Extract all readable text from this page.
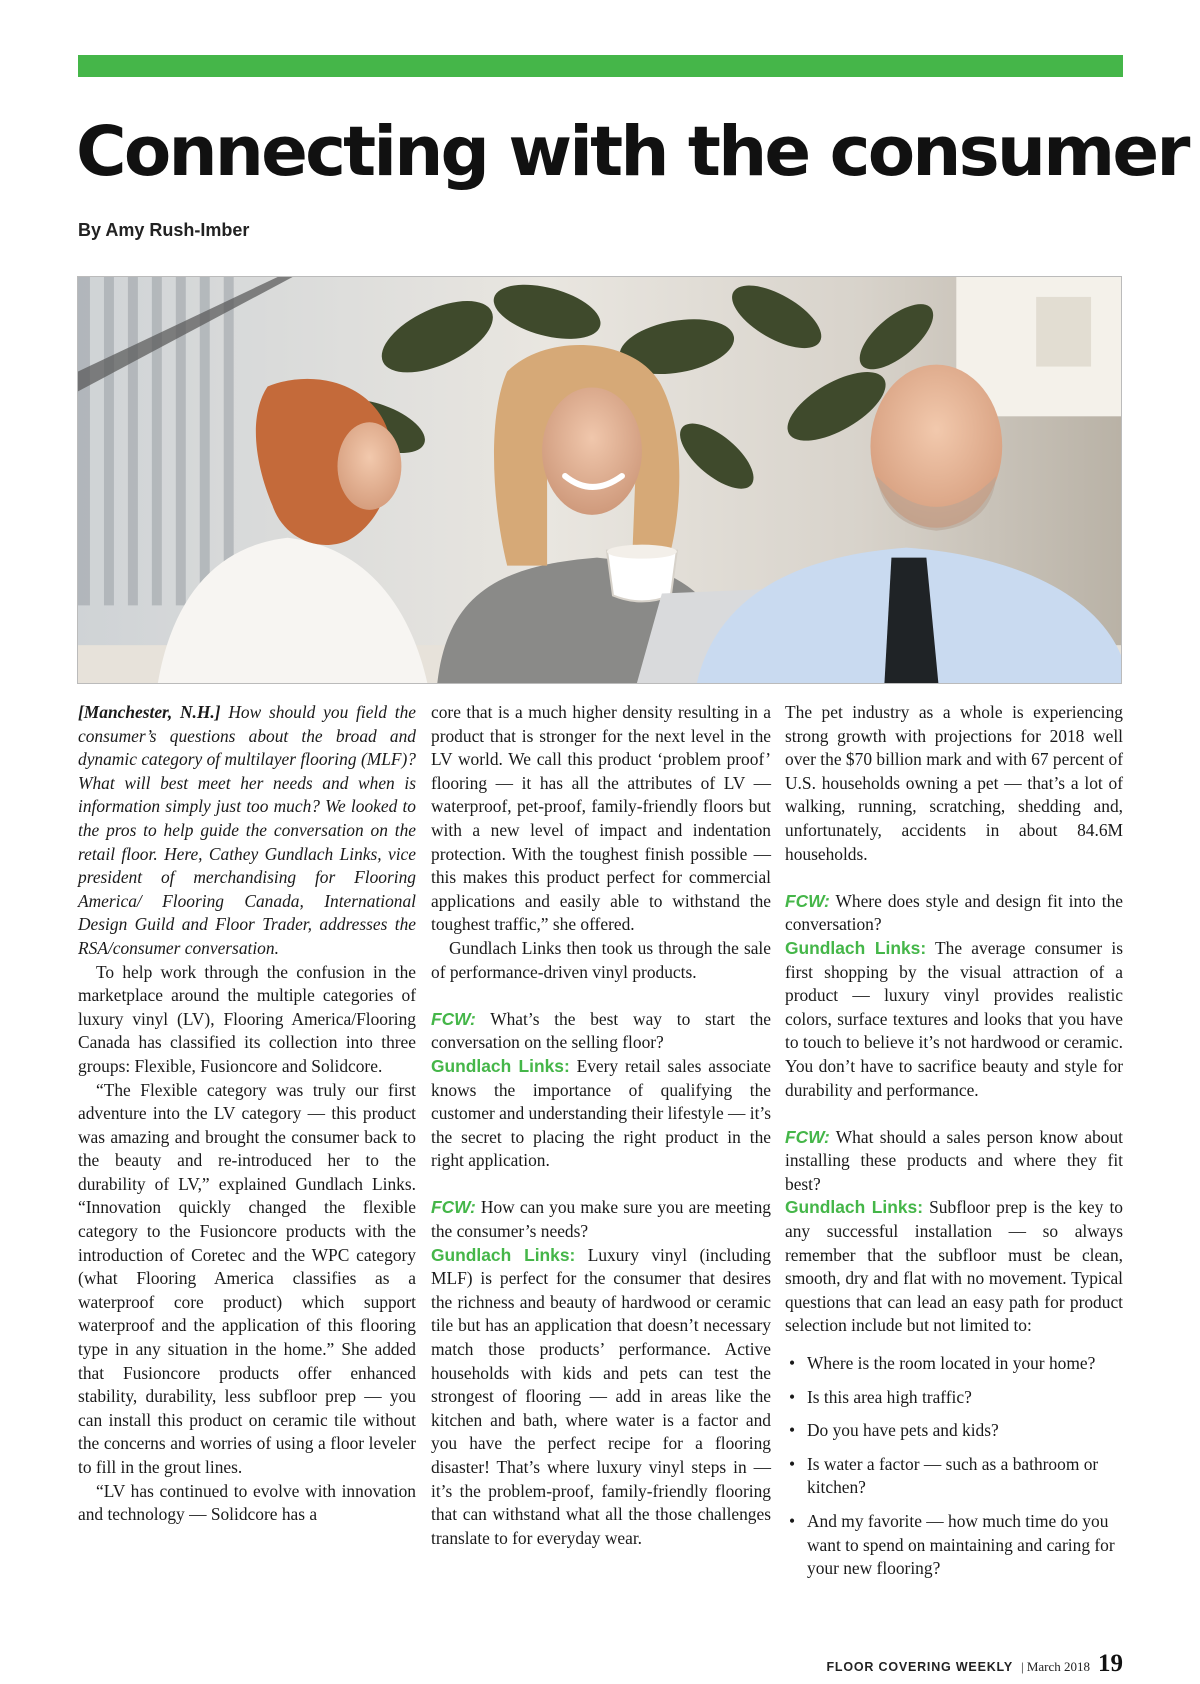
Connecting with the consumer
By Amy Rush-Imber

[Manchester, N.H.] How should you field the consumer’s questions about the broad and dynamic category of multilayer flooring (MLF)? What will best meet her needs and when is information simply just too much? We looked to the pros to help guide the conversation on the retail floor. Here, Cathey Gundlach Links, vice president of merchandising for Flooring America/ Flooring Canada, International Design Guild and Floor Trader, addresses the RSA/consumer conversation.

To help work through the confusion in the marketplace around the multiple categories of luxury vinyl (LV), Flooring America/Flooring Canada has classified its collection into three groups: Flexible, Fusioncore and Solidcore.

“The Flexible category was truly our first adventure into the LV category — this product was amazing and brought the consumer back to the beauty and re-introduced her to the durability of LV,” explained Gundlach Links. “Innovation quickly changed the flexible category to the Fusioncore products with the introduction of Coretec and the WPC category (what Flooring America classifies as a waterproof core product) which support waterproof and the application of this flooring type in any situation in the home.” She added that Fusioncore products offer enhanced stability, durability, less subfloor prep — you can install this product on ceramic tile without the concerns and worries of using a floor leveler to fill in the grout lines.

“LV has continued to evolve with innovation and technology — Solidcore has a

core that is a much higher density resulting in a product that is stronger for the next level in the LV world. We call this product ‘problem proof’ flooring — it has all the attributes of LV — waterproof, pet-proof, family-friendly floors but with a new level of impact and indentation protection. With the toughest finish possible — this makes this product perfect for commercial applications and easily able to withstand the toughest traffic,” she offered.

Gundlach Links then took us through the sale of performance-driven vinyl products.

FCW: What’s the best way to start the conversation on the selling floor?

Gundlach Links: Every retail sales associate knows the importance of qualifying the customer and understanding their lifestyle — it’s the secret to placing the right product in the right application.

FCW: How can you make sure you are meeting the consumer’s needs?

Gundlach Links: Luxury vinyl (including MLF) is perfect for the consumer that desires the richness and beauty of hardwood or ceramic tile but has an application that doesn’t necessary match those products’ performance. Active households with kids and pets can test the strongest of flooring — add in areas like the kitchen and bath, where water is a factor and you have the perfect recipe for a flooring disaster! That’s where luxury vinyl steps in — it’s the problem-proof, family-friendly flooring that can withstand what all the those challenges translate to for everyday wear.

The pet industry as a whole is experiencing strong growth with projections for 2018 well over the $70 billion mark and with 67 percent of U.S. households owning a pet — that’s a lot of walking, running, scratching, shedding and, unfortunately, accidents in about 84.6M households.

FCW: Where does style and design fit into the conversation?

Gundlach Links: The average consumer is first shopping by the visual attraction of a product — luxury vinyl provides realistic colors, surface textures and looks that you have to touch to believe it’s not hardwood or ceramic. You don’t have to sacrifice beauty and style for durability and performance.

FCW: What should a sales person know about installing these products and where they fit best?

Gundlach Links: Subfloor prep is the key to any successful installation — so always remember that the subfloor must be clean, smooth, dry and flat with no movement. Typical questions that can lead an easy path for product selection include but not limited to:

• Where is the room located in your home?
• Is this area high traffic?
• Do you have pets and kids?
• Is water a factor — such as a bathroom or kitchen?
• And my favorite — how much time do you want to spend on maintaining and caring for your new flooring?
FLOOR COVERING WEEKLY | March 2018 19
